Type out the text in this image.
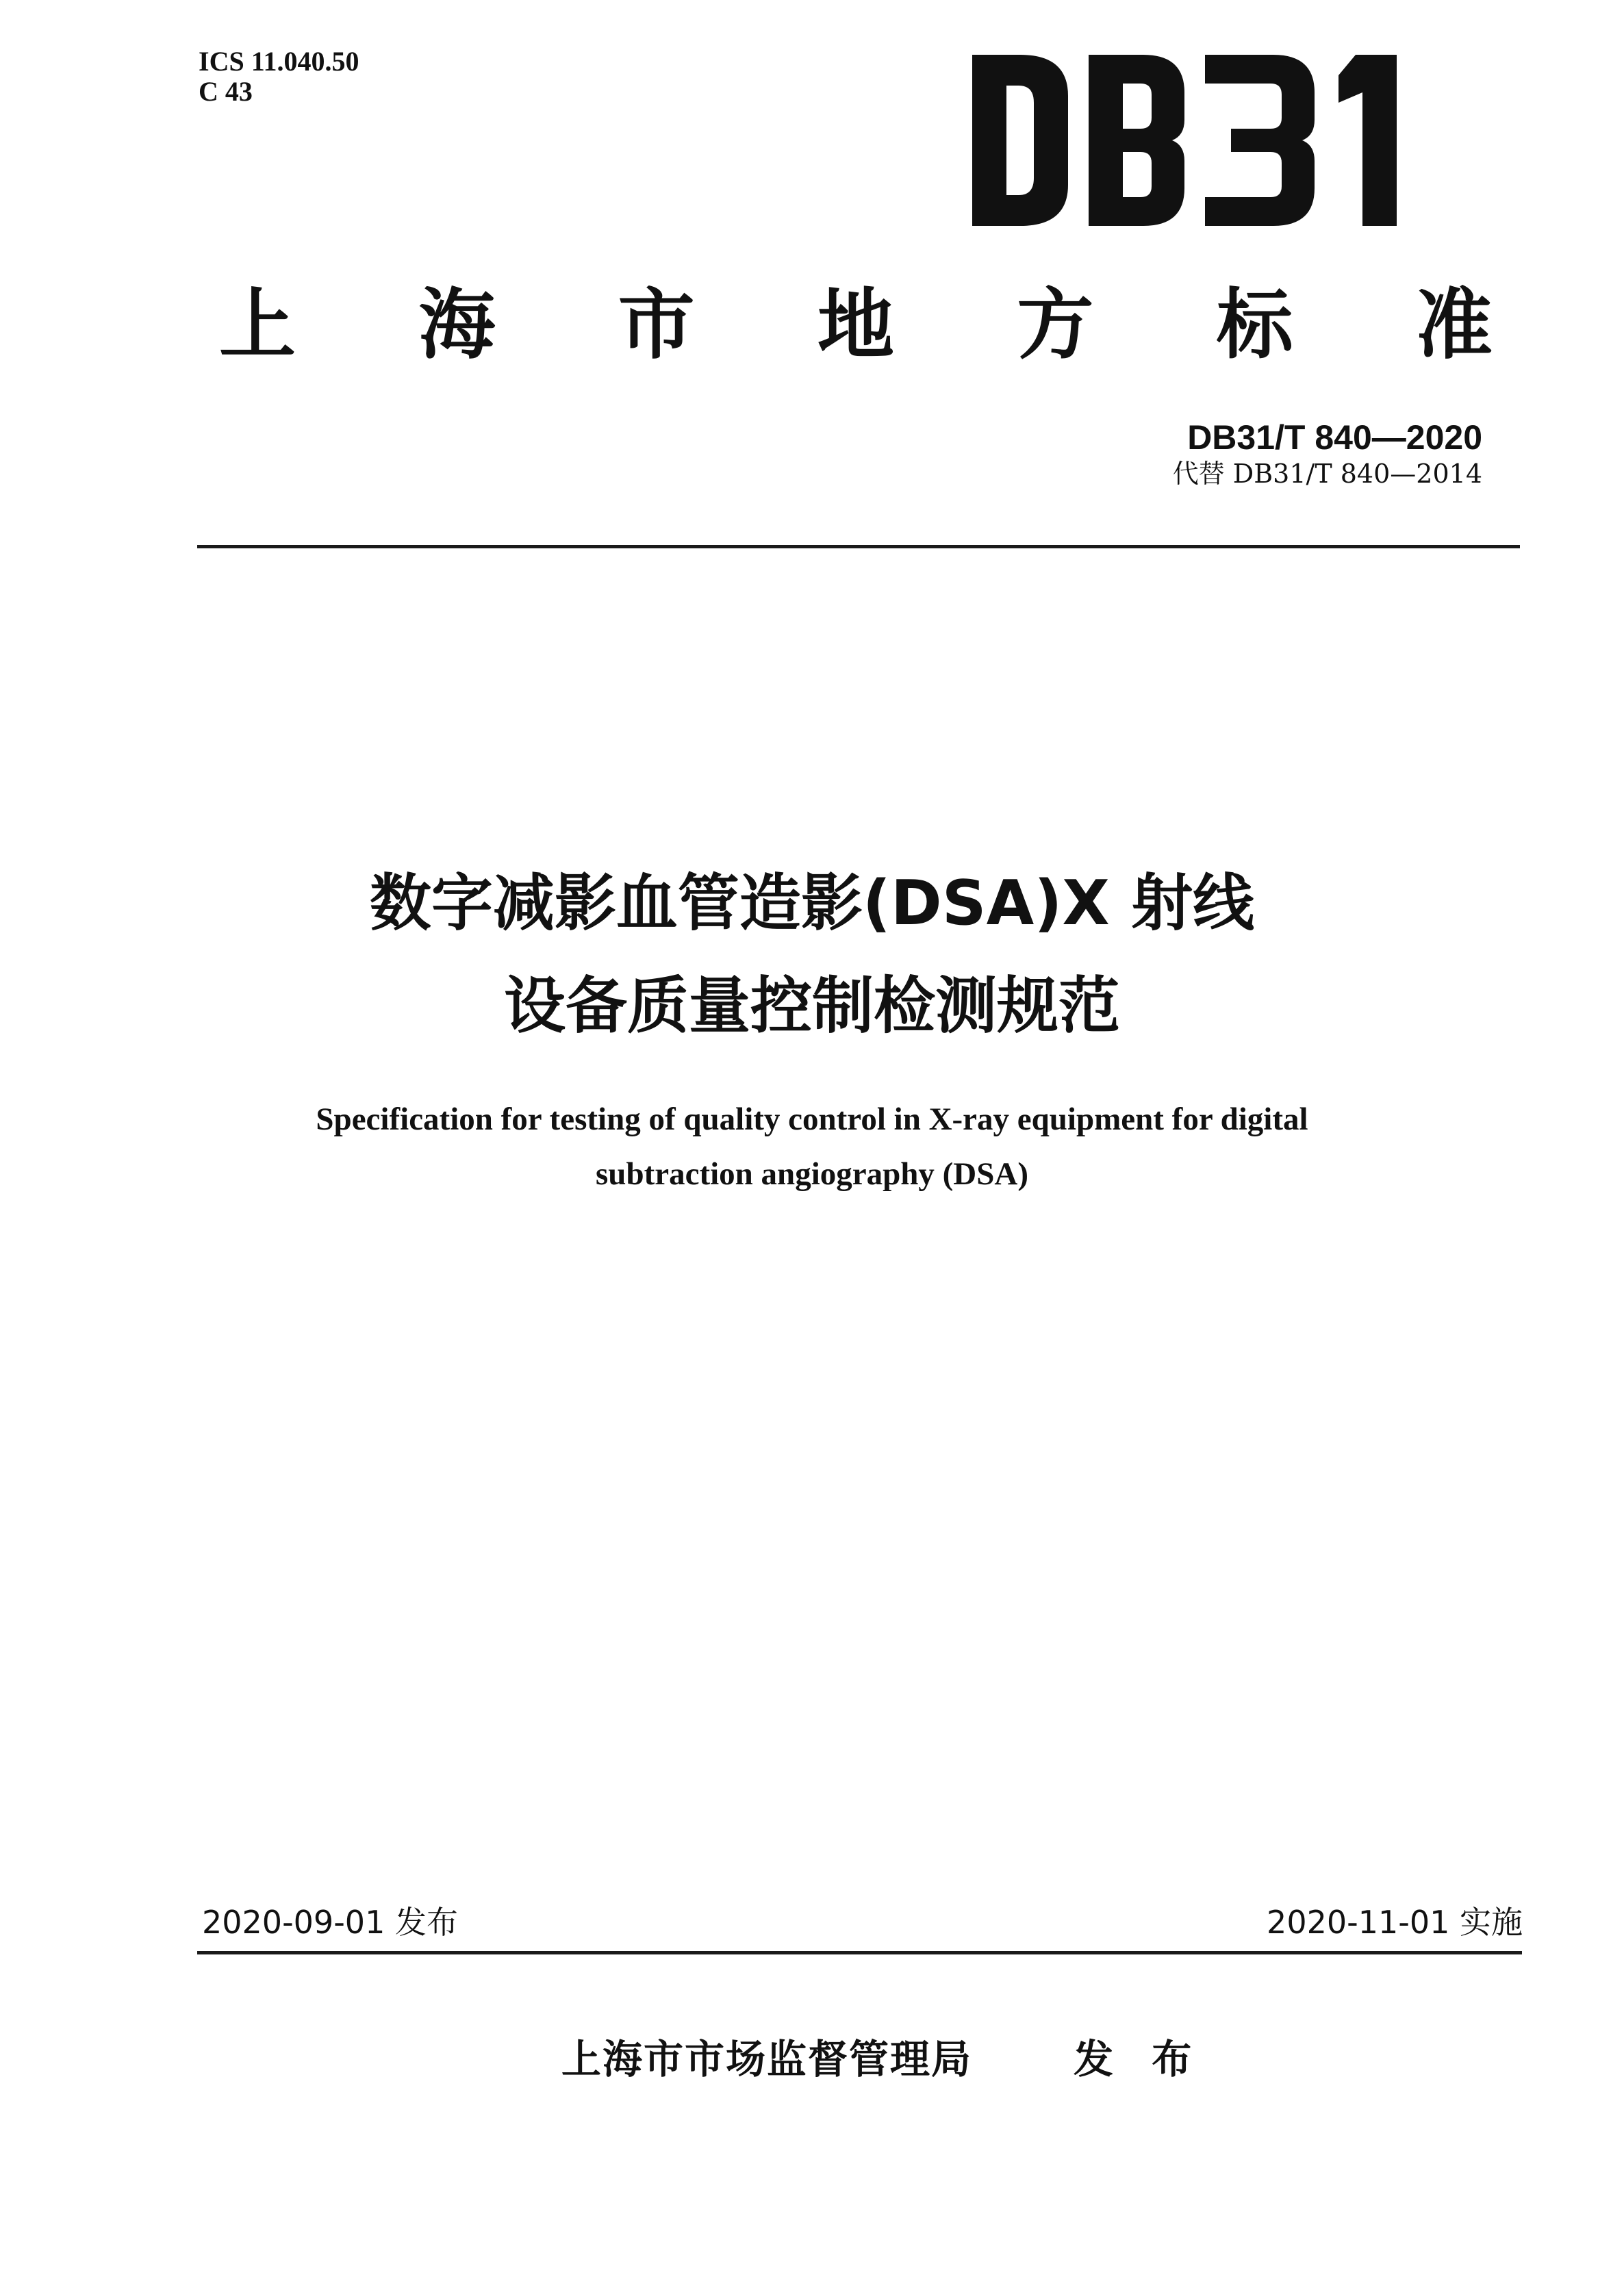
ICS 11.040.50
C 43
上 海 市 地 方 标 准
DB31/T 840—2020
代替 DB31/T 840—2014
数字减影血管造影(DSA)X 射线
设备质量控制检测规范
Specification for testing of quality control in X-ray equipment for digital
subtraction angiography (DSA)
2020-09-01 发布	2020-11-01 实施
上海市市场监督管理局	发 布
